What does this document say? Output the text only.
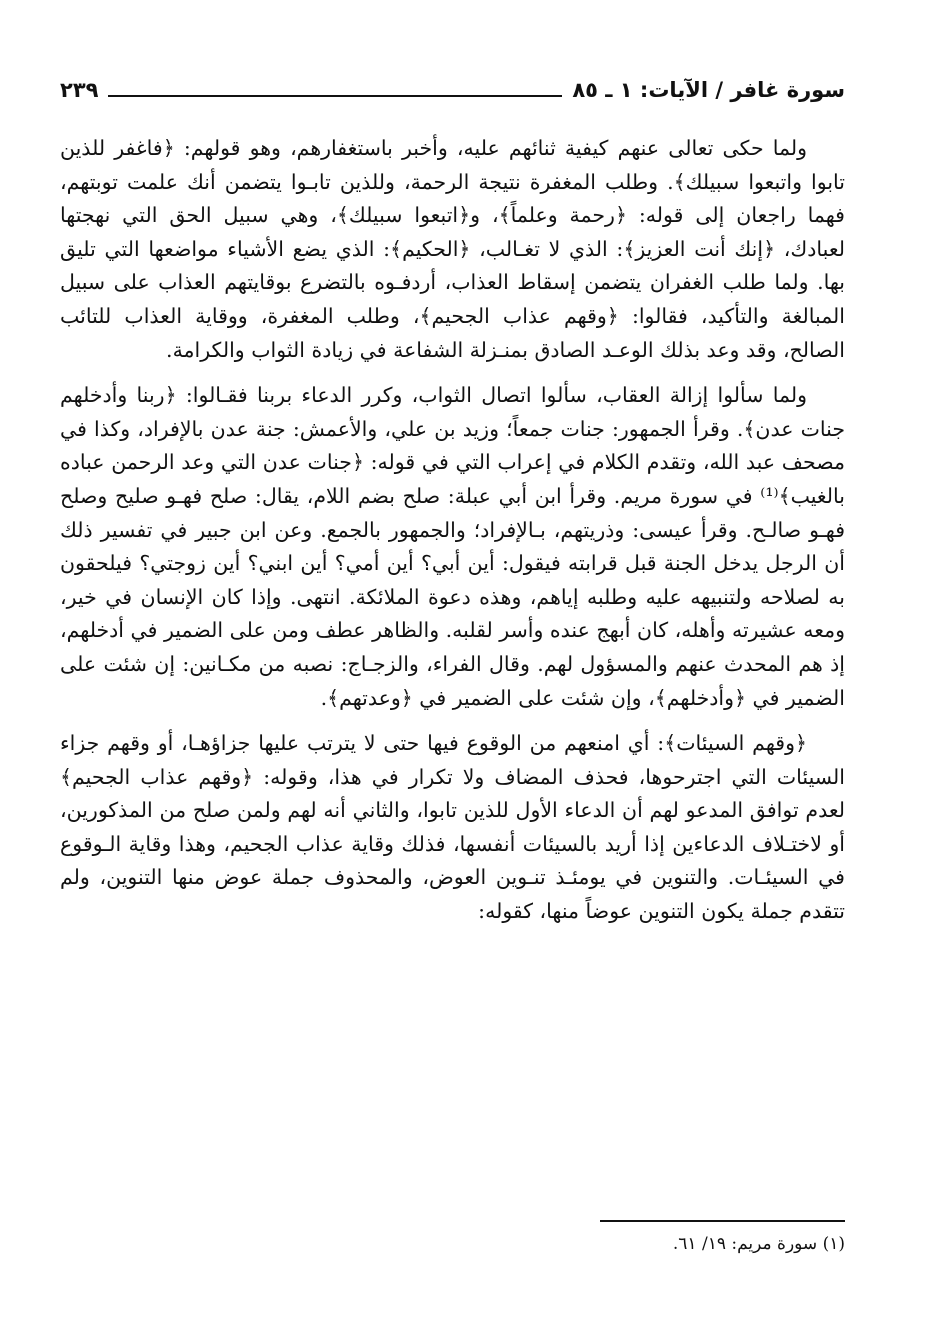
سورة غافر / الآيات: ١ ـ ٨٥
٢٣٩

ولما حكى تعالى عنهم كيفية ثنائهم عليه، وأخبر باستغفارهم، وهو قولهم: ﴿فاغفر للذين تابوا واتبعوا سبيلك﴾. وطلب المغفرة نتيجة الرحمة، وللذين تابـوا يتضمن أنك علمت توبتهم، فهما راجعان إلى قوله: ﴿رحمة وعلماً﴾، و﴿اتبعوا سبيلك﴾، وهي سبيل الحق التي نهجتها لعبادك، ﴿إنك أنت العزيز﴾: الذي لا تغـالب، ﴿الحكيم﴾: الذي يضع الأشياء مواضعها التي تليق بها. ولما طلب الغفران يتضمن إسقاط العذاب، أردفـوه بالتضرع بوقايتهم العذاب على سبيل المبالغة والتأكيد، فقالوا: ﴿وقهم عذاب الجحيم﴾، وطلب المغفرة، ووقاية العذاب للتائب الصالح، وقد وعد بذلك الوعـد الصادق بمنـزلة الشفاعة في زيادة الثواب والكرامة.

ولما سألوا إزالة العقاب، سألوا اتصال الثواب، وكرر الدعاء بربنا فقـالوا: ﴿ربنا وأدخلهم جنات عدن﴾. وقرأ الجمهور: جنات جمعاً؛ وزيد بن علي، والأعمش: جنة عدن بالإفراد، وكذا في مصحف عبد الله، وتقدم الكلام في إعراب التي في قوله: ﴿جنات عدن التي وعد الرحمن عباده بالغيب﴾⁽¹⁾ في سورة مريم. وقرأ ابن أبي عبلة: صلح بضم اللام، يقال: صلح فهـو صليح وصلح فهـو صالـح. وقرأ عيسى: وذريتهم، بـالإفراد؛ والجمهور بالجمع. وعن ابن جبير في تفسير ذلك أن الرجل يدخل الجنة قبل قرابته فيقول: أين أبي؟ أين أمي؟ أين ابني؟ أين زوجتي؟ فيلحقون به لصلاحه ولتنبيهه عليه وطلبه إياهم، وهذه دعوة الملائكة. انتهى. وإذا كان الإنسان في خير، ومعه عشيرته وأهله، كان أبهج عنده وأسر لقلبه. والظاهر عطف ومن على الضمير في أدخلهم، إذ هم المحدث عنهم والمسؤول لهم. وقال الفراء، والزجـاج: نصبه من مكـانين: إن شئت على الضمير في ﴿وأدخلهم﴾، وإن شئت على الضمير في ﴿وعدتهم﴾.

﴿وقهم السيئات﴾: أي امنعهم من الوقوع فيها حتى لا يترتب عليها جزاؤهـا، أو وقهم جزاء السيئات التي اجترحوها، فحذف المضاف ولا تكرار في هذا، وقوله: ﴿وقهم عذاب الجحيم﴾ لعدم توافق المدعو لهم أن الدعاء الأول للذين تابوا، والثاني أنه لهم ولمن صلح من المذكورين، أو لاختـلاف الدعاءين إذا أريد بالسيئات أنفسها، فذلك وقاية عذاب الجحيم، وهذا وقاية الـوقوع في السيئـات. والتنوين في يومئـذ تنـوين العوض، والمحذوف جملة عوض منها التنوين، ولم تتقدم جملة يكون التنوين عوضاً منها، كقوله:

(١) سورة مريم: ١٩/ ٦١.
